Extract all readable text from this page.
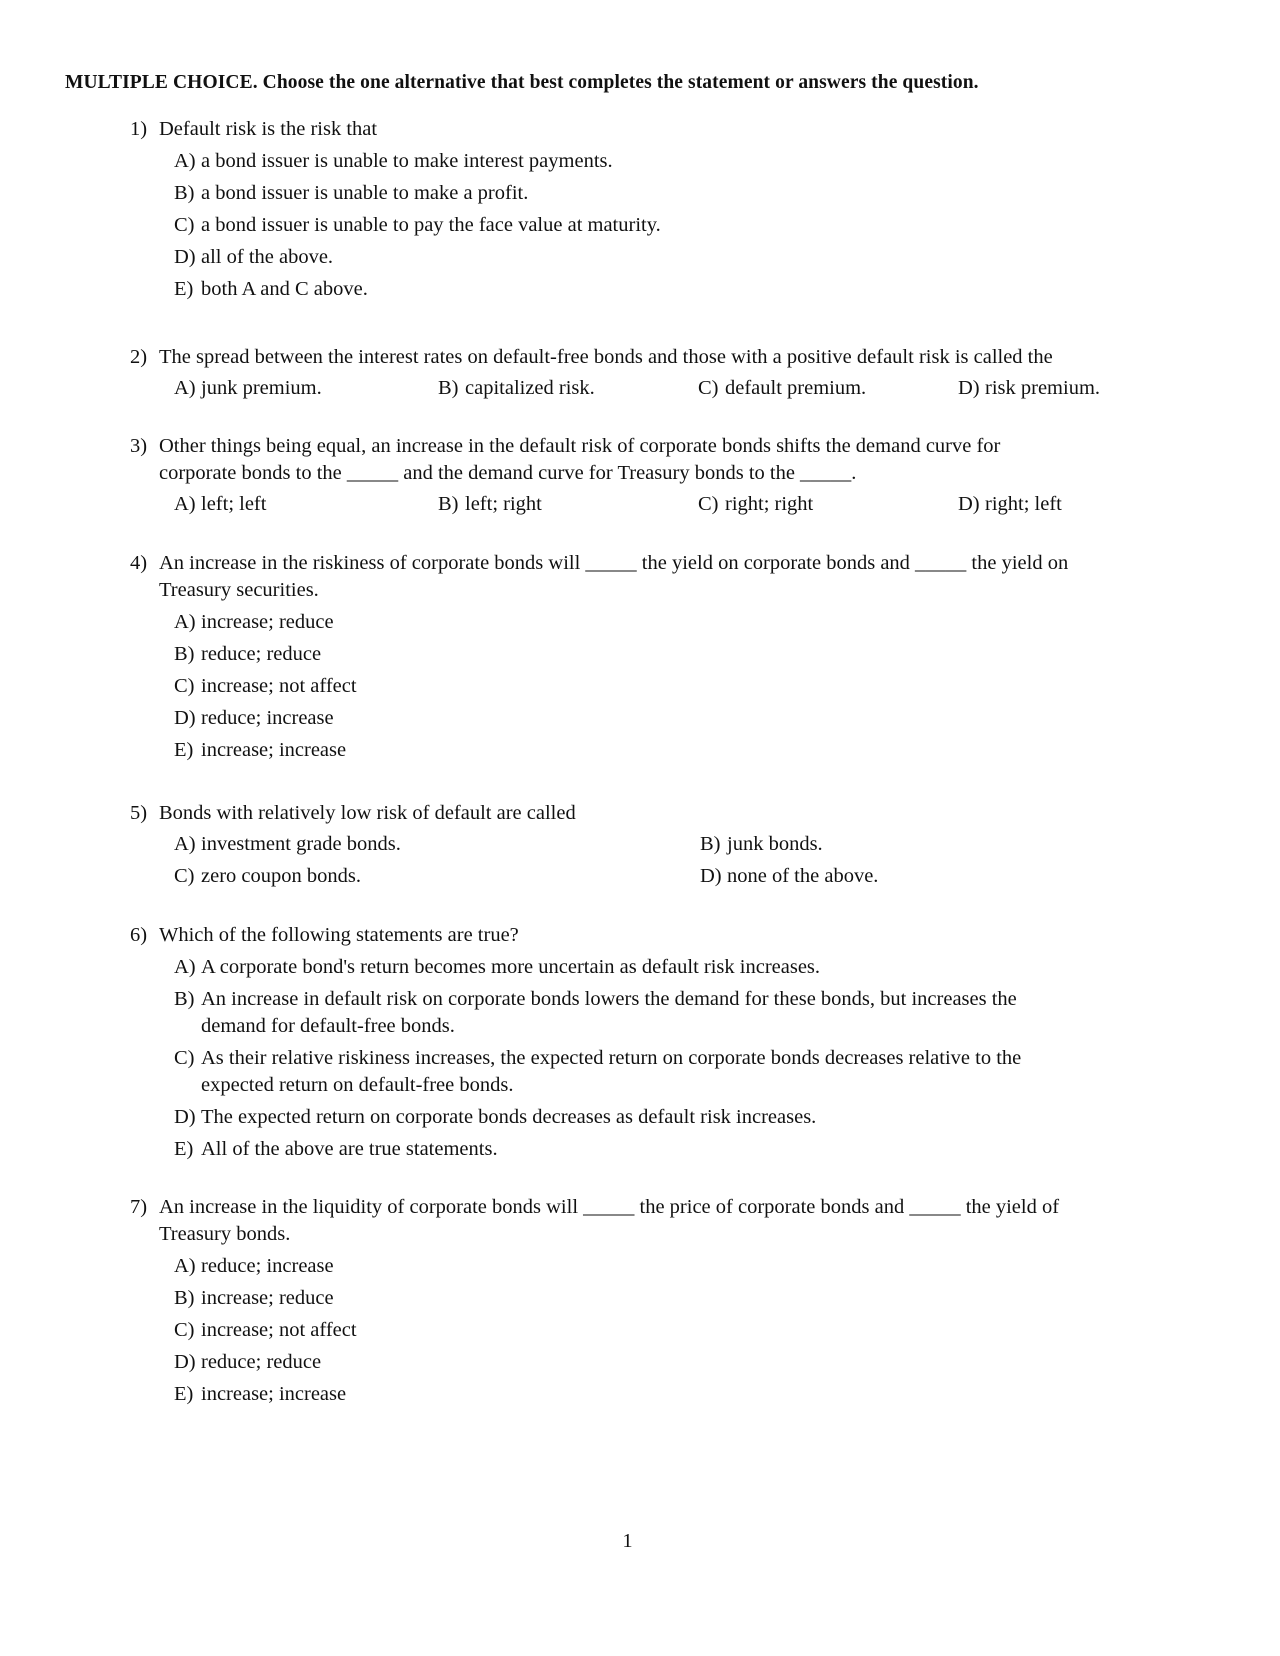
MULTIPLE CHOICE. Choose the one alternative that best completes the statement or answers the question.
1) Default risk is the risk that
A) a bond issuer is unable to make interest payments.
B) a bond issuer is unable to make a profit.
C) a bond issuer is unable to pay the face value at maturity.
D) all of the above.
E) both A and C above.
2) The spread between the interest rates on default-free bonds and those with a positive default risk is called the
A) junk premium.	B) capitalized risk.	C) default premium.	D) risk premium.
3) Other things being equal, an increase in the default risk of corporate bonds shifts the demand curve for
corporate bonds to the _____ and the demand curve for Treasury bonds to the _____.
A) left; left	B) left; right	C) right; right	D) right; left
4) An increase in the riskiness of corporate bonds will _____ the yield on corporate bonds and _____ the yield on
Treasury securities.
A) increase; reduce
B) reduce; reduce
C) increase; not affect
D) reduce; increase
E) increase; increase
5) Bonds with relatively low risk of default are called
A) investment grade bonds.	B) junk bonds.
C) zero coupon bonds.	D) none of the above.
6) Which of the following statements are true?
A) A corporate bond's return becomes more uncertain as default risk increases.
B) An increase in default risk on corporate bonds lowers the demand for these bonds, but increases the
demand for default-free bonds.
C) As their relative riskiness increases, the expected return on corporate bonds decreases relative to the
expected return on default-free bonds.
D) The expected return on corporate bonds decreases as default risk increases.
E) All of the above are true statements.
7) An increase in the liquidity of corporate bonds will _____ the price of corporate bonds and _____ the yield of
Treasury bonds.
A) reduce; increase
B) increase; reduce
C) increase; not affect
D) reduce; reduce
E) increase; increase
1
